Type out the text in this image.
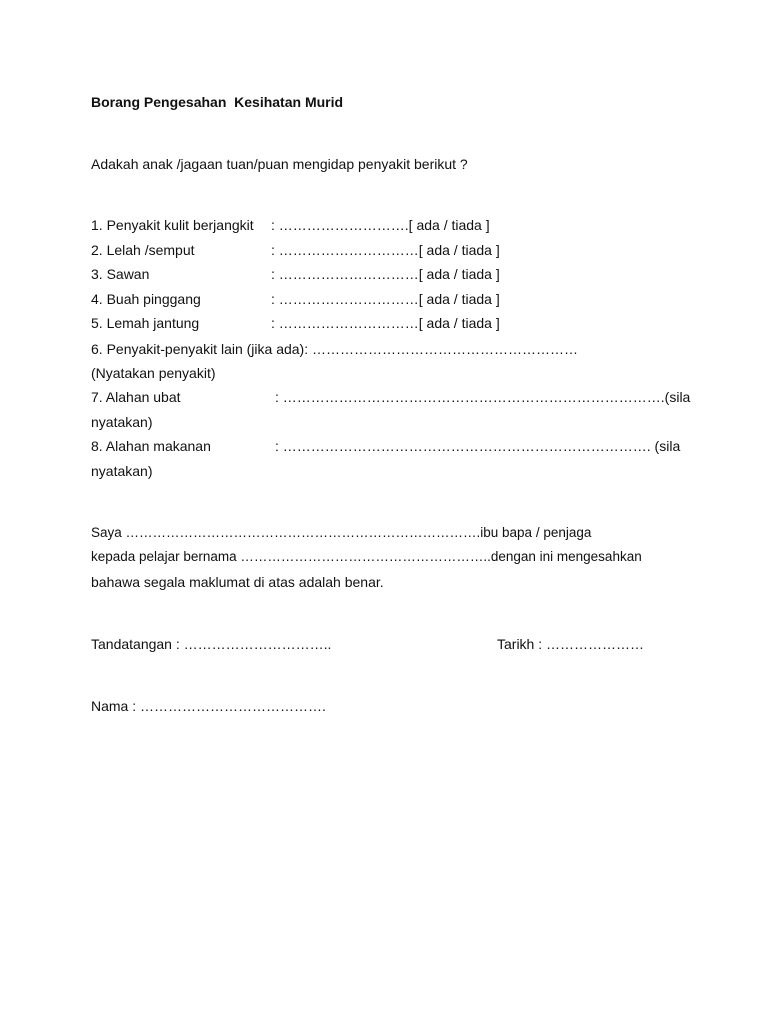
Borang Pengesahan  Kesihatan Murid
Adakah anak /jagaan tuan/puan mengidap penyakit berikut ?
1. Penyakit kulit berjangkit : ……………………….[ ada / tiada ]
2. Lelah /semput	: …………………………[ ada / tiada ]
3. Sawan	: …………………………[ ada / tiada ]
4. Buah pinggang	: …………………………[ ada / tiada ]
5. Lemah jantung	: …………………………[ ada / tiada ]
6. Penyakit-penyakit lain (jika ada): …………………………………………………
(Nyatakan penyakit)
7. Alahan ubat	: ……………………………………………………………………….(sila
nyatakan)
8. Alahan makanan	: ……………………………………………………………………. (sila
nyatakan)
Saya …………………………………………………………………….ibu bapa / penjaga
kepada pelajar bernama ………………………………………………..dengan ini mengesahkan
bahawa segala maklumat di atas adalah benar.
Tandatangan : …………………………..	Tarikh : …………………
Nama : ………………………………….
